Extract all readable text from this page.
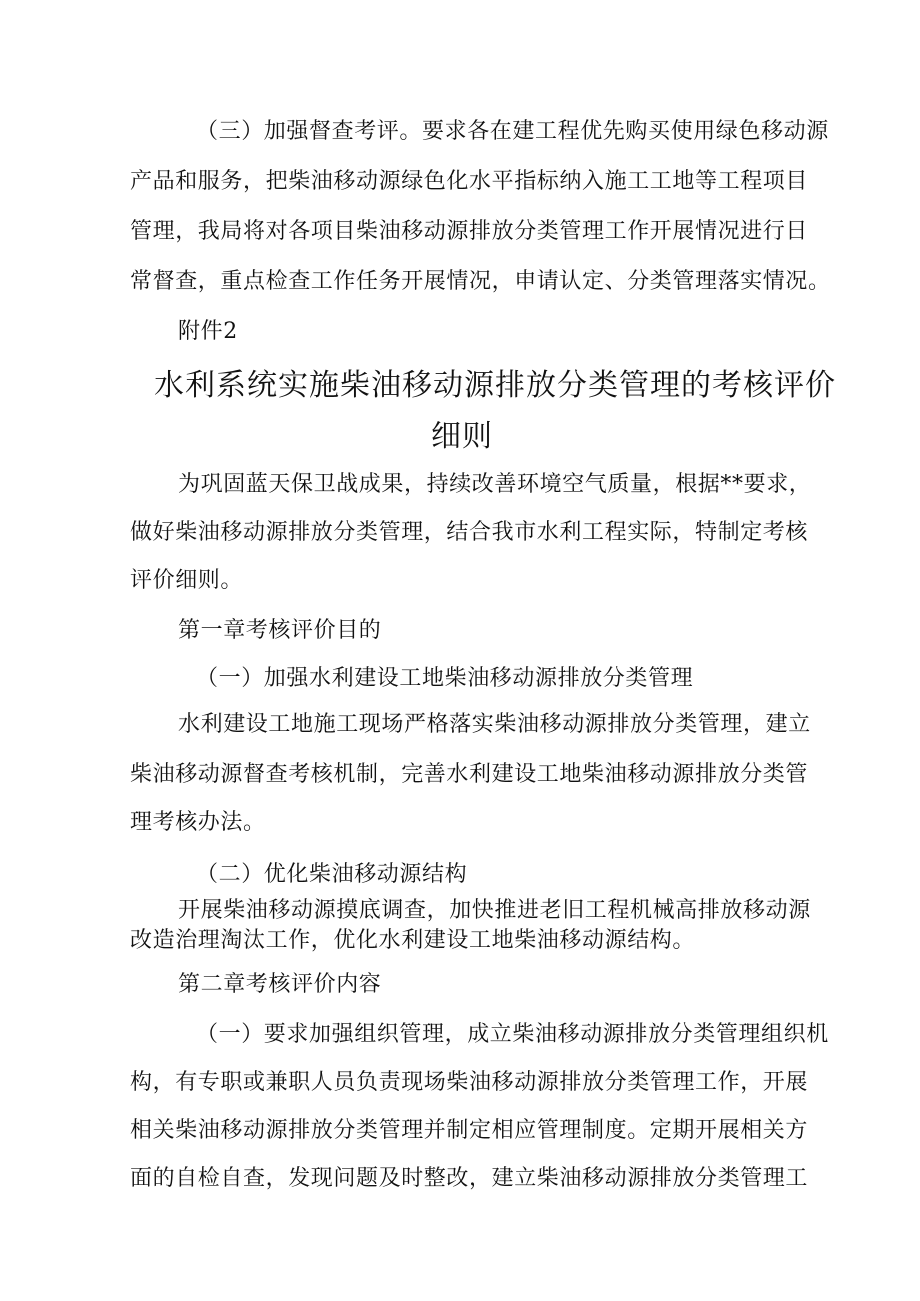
（三）加强督查考评。要求各在建工程优先购买使用绿色移动源
产品和服务，把柴油移动源绿色化水平指标纳入施工工地等工程项目
管理，我局将对各项目柴油移动源排放分类管理工作开展情况进行日
常督查，重点检查工作任务开展情况，申请认定、分类管理落实情况。
附件2
水利系统实施柴油移动源排放分类管理的考核评价
细则
为巩固蓝天保卫战成果，持续改善环境空气质量，根据**要求，
做好柴油移动源排放分类管理，结合我市水利工程实际，特制定考核
评价细则。
第一章考核评价目的
（一）加强水利建设工地柴油移动源排放分类管理
水利建设工地施工现场严格落实柴油移动源排放分类管理，建立
柴油移动源督查考核机制，完善水利建设工地柴油移动源排放分类管
理考核办法。
（二）优化柴油移动源结构
开展柴油移动源摸底调查，加快推进老旧工程机械高排放移动源
改造治理淘汰工作，优化水利建设工地柴油移动源结构。
第二章考核评价内容
（一）要求加强组织管理，成立柴油移动源排放分类管理组织机
构，有专职或兼职人员负责现场柴油移动源排放分类管理工作，开展
相关柴油移动源排放分类管理并制定相应管理制度。定期开展相关方
面的自检自查，发现问题及时整改，建立柴油移动源排放分类管理工
